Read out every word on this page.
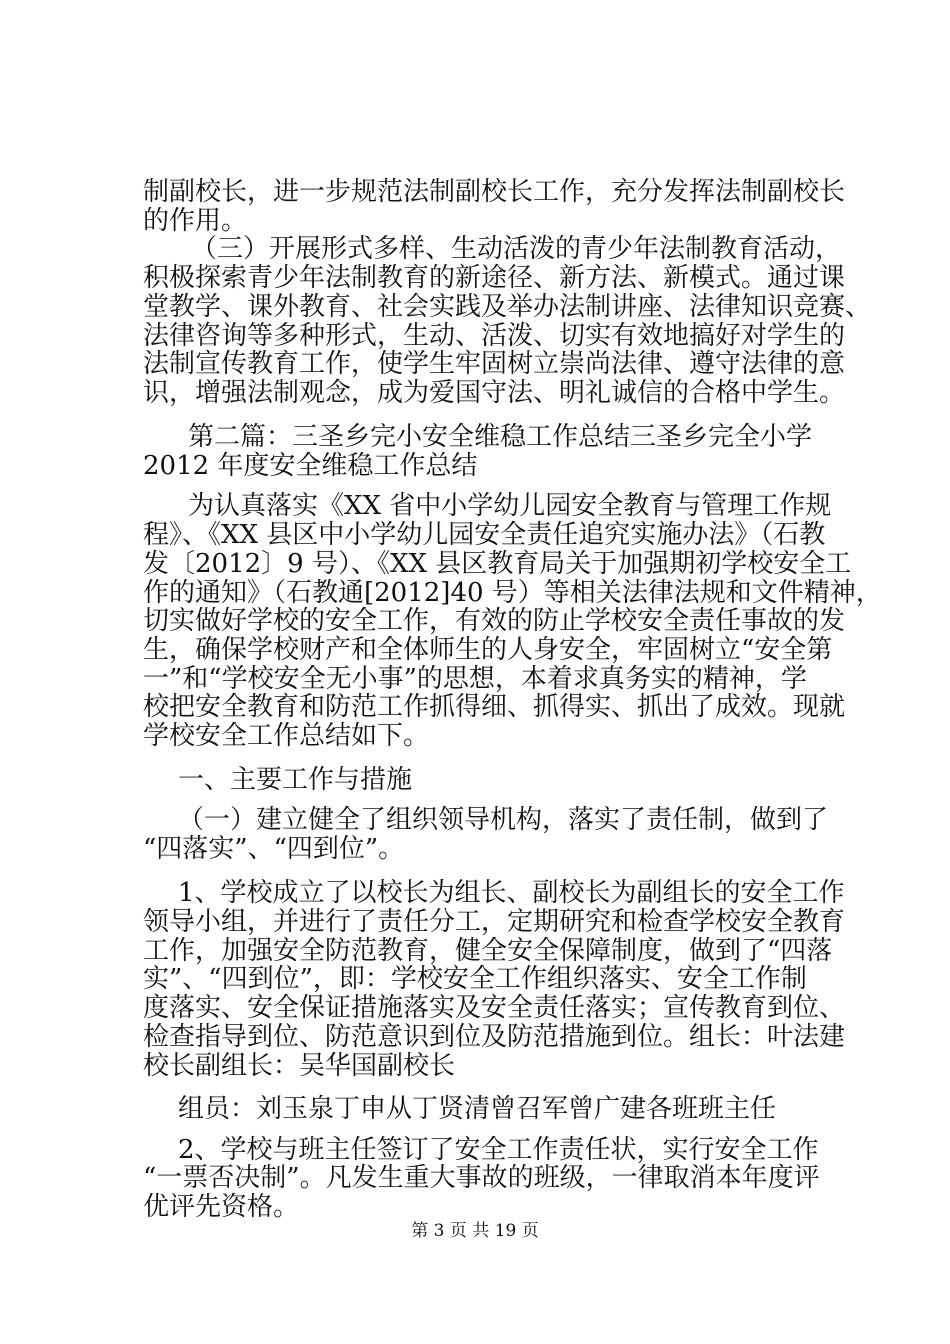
制副校长，进一步规范法制副校长工作，充分发挥法制副校长
的作用。
（三）开展形式多样、生动活泼的青少年法制教育活动，
积极探索青少年法制教育的新途径、新方法、新模式。通过课
堂教学、课外教育、社会实践及举办法制讲座、法律知识竞赛、
法律咨询等多种形式，生动、活泼、切实有效地搞好对学生的
法制宣传教育工作，使学生牢固树立崇尚法律、遵守法律的意
识，增强法制观念，成为爱国守法、明礼诚信的合格中学生。
第二篇：三圣乡完小安全维稳工作总结三圣乡完全小学
2012 年度安全维稳工作总结
为认真落实《XX 省中小学幼儿园安全教育与管理工作规
程》、《XX 县区中小学幼儿园安全责任追究实施办法》（石教
发〔2012〕9 号）、《XX 县区教育局关于加强期初学校安全工
作的通知》（石教通[2012]40 号）等相关法律法规和文件精神，
切实做好学校的安全工作，有效的防止学校安全责任事故的发
生，确保学校财产和全体师生的人身安全，牢固树立“安全第
一”和“学校安全无小事”的思想，本着求真务实的精神，学
校把安全教育和防范工作抓得细、抓得实、抓出了成效。现就
学校安全工作总结如下。
一、主要工作与措施
（一）建立健全了组织领导机构，落实了责任制，做到了
“四落实”、“四到位”。
1、学校成立了以校长为组长、副校长为副组长的安全工作
领导小组，并进行了责任分工，定期研究和检查学校安全教育
工作，加强安全防范教育，健全安全保障制度，做到了“四落
实”、“四到位”，即：学校安全工作组织落实、安全工作制
度落实、安全保证措施落实及安全责任落实；宣传教育到位、
检查指导到位、防范意识到位及防范措施到位。组长：叶法建
校长副组长：吴华国副校长
组员：刘玉泉丁申从丁贤清曾召军曾广建各班班主任
2、学校与班主任签订了安全工作责任状，实行安全工作
“一票否决制”。凡发生重大事故的班级，一律取消本年度评
优评先资格。
第 3 页 共 19 页
